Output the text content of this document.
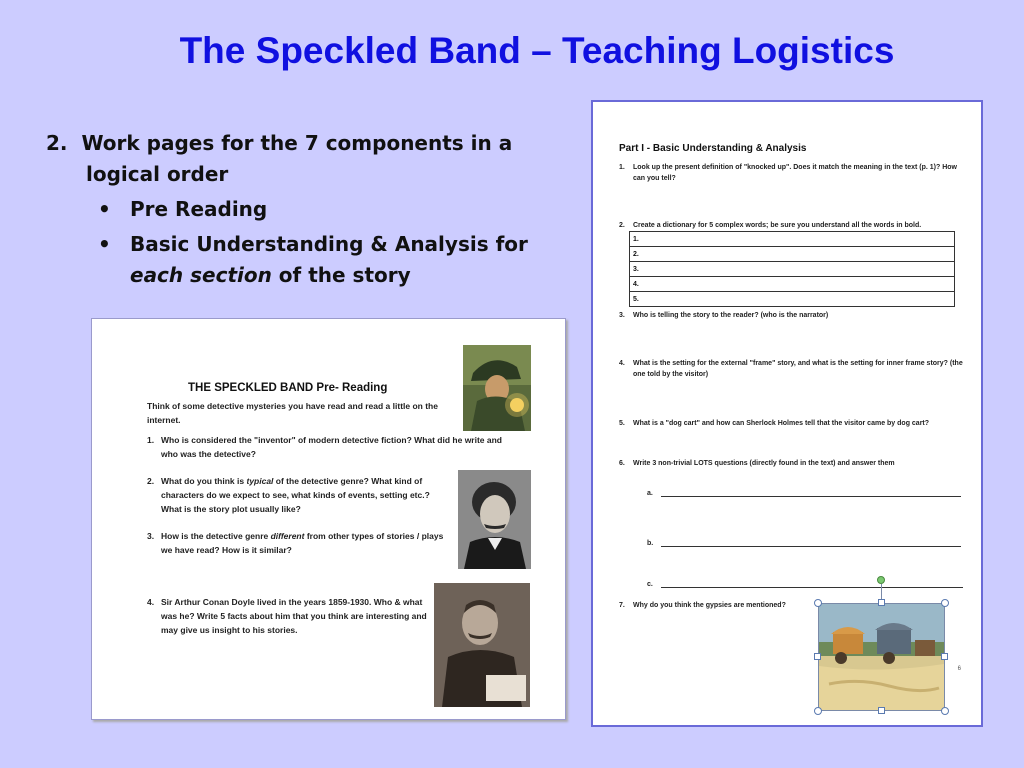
The Speckled Band – Teaching Logistics
2. Work pages for the 7 components in a logical order
• Pre Reading
• Basic Understanding & Analysis for each section of the story
THE SPECKLED BAND Pre- Reading
Think of some detective mysteries you have read and read a little on the internet.
1. Who is considered the "inventor" of modern detective fiction? What did he write and who was the detective?
2. What do you think is typical of the detective genre? What kind of characters do we expect to see, what kinds of events, setting etc.? What is the story plot usually like?
3. How is the detective genre different from other types of stories / plays we have read? How is it similar?
4. Sir Arthur Conan Doyle lived in the years 1859-1930. Who & what was he? Write 5 facts about him that you think are interesting and may give us insight to his stories.
Part I - Basic Understanding & Analysis
1. Look up the present definition of "knocked up". Does it match the meaning in the text (p. 1)? How can you tell?
2. Create a dictionary for 5 complex words; be sure you understand all the words in bold.
1.
2.
3.
4.
5.
3. Who is telling the story to the reader? (who is the narrator)
4. What is the setting for the external "frame" story, and what is the setting for inner frame story? (the one told by the visitor)
5. What is a "dog cart" and how can Sherlock Holmes tell that the visitor came by dog cart?
6. Write 3 non-trivial LOTS questions (directly found in the text) and answer them
a.
b.
c.
7. Why do you think the gypsies are mentioned?
6
